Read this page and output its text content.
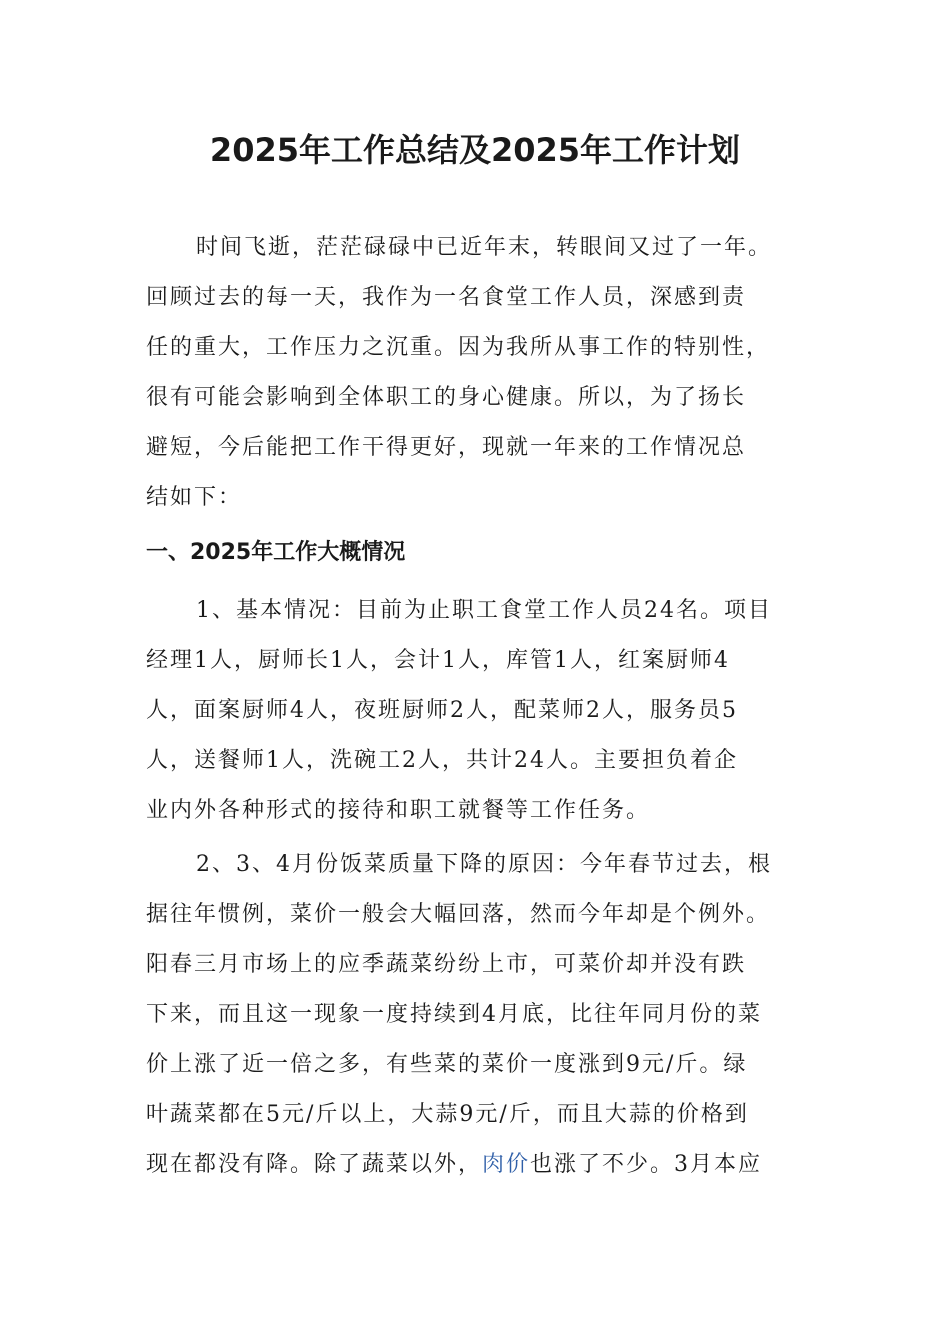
2025年工作总结及2025年工作计划
时间飞逝，茫茫碌碌中已近年末，转眼间又过了一年。
回顾过去的每一天，我作为一名食堂工作人员，深感到责
任的重大，工作压力之沉重。因为我所从事工作的特别性，
很有可能会影响到全体职工的身心健康。所以，为了扬长
避短，今后能把工作干得更好，现就一年来的工作情况总
结如下：
一、2025年工作大概情况
1、基本情况：目前为止职工食堂工作人员24名。项目
经理1人，厨师长1人，会计1人，库管1人，红案厨师4
人，面案厨师4人，夜班厨师2人，配菜师2人，服务员5
人，送餐师1人，洗碗工2人，共计24人。主要担负着企
业内外各种形式的接待和职工就餐等工作任务。
2、3、4月份饭菜质量下降的原因：今年春节过去，根
据往年惯例，菜价一般会大幅回落，然而今年却是个例外。
阳春三月市场上的应季蔬菜纷纷上市，可菜价却并没有跌
下来，而且这一现象一度持续到4月底，比往年同月份的菜
价上涨了近一倍之多，有些菜的菜价一度涨到9元/斤。绿
叶蔬菜都在5元/斤以上，大蒜9元/斤，而且大蒜的价格到
现在都没有降。除了蔬菜以外，肉价也涨了不少。3月本应
